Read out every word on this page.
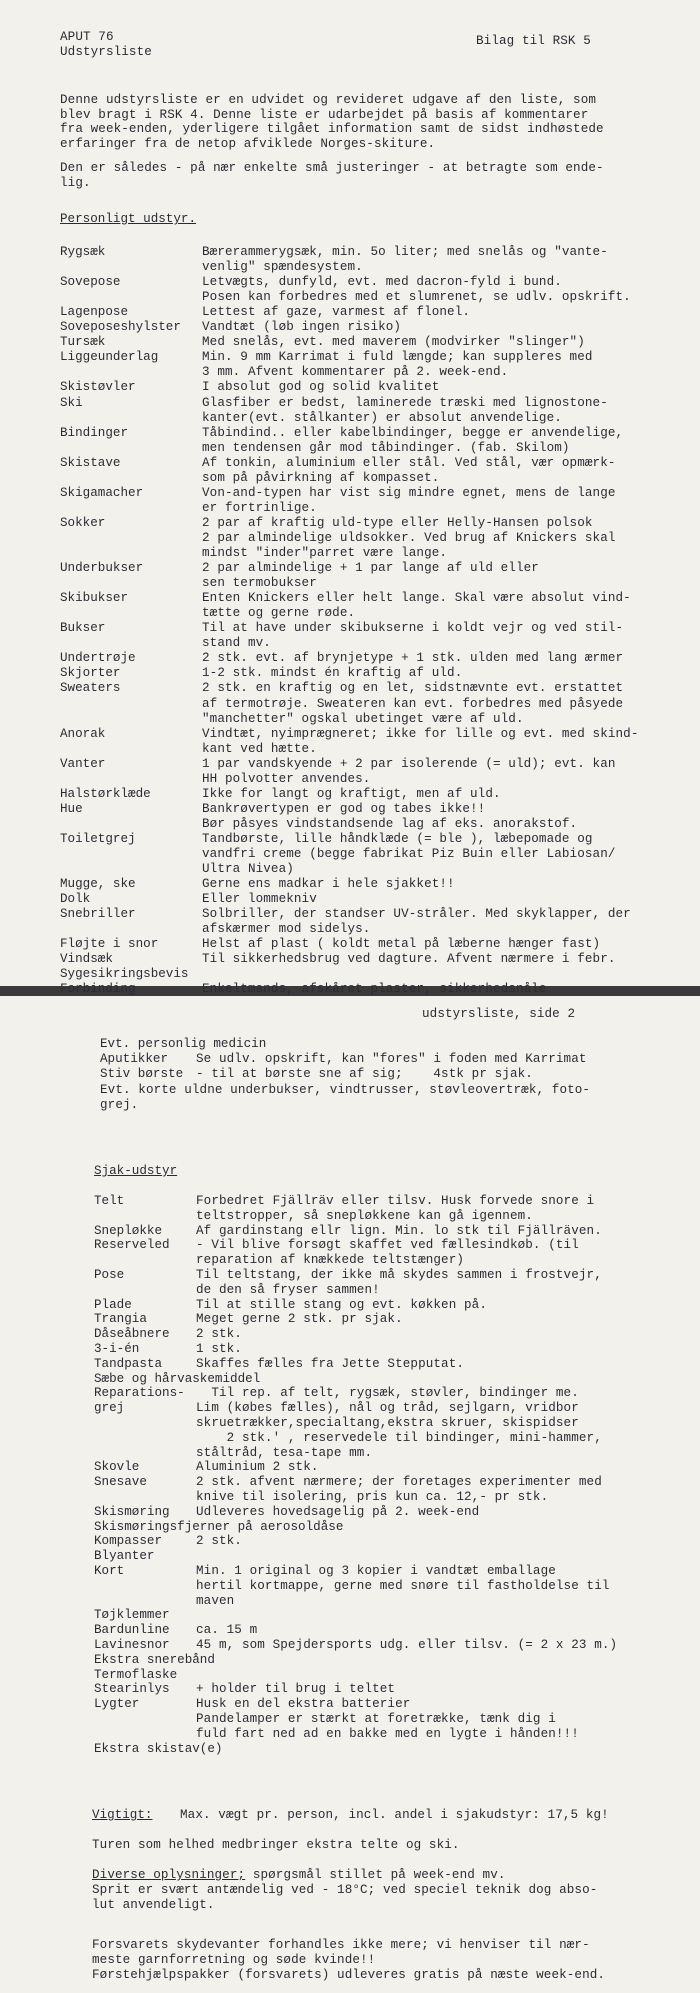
APUT 76
Udstyrsliste
Bilag til RSK 5
Denne udstyrsliste er en udvidet og revideret udgave af den liste, som
blev bragt i RSK 4. Denne liste er udarbejdet på basis af kommentarer
fra week-enden, yderligere tilgået information samt de sidst indhøstede
erfaringer fra de netop afviklede Norges-skiture.
Den er således - på nær enkelte små justeringer - at betragte som ende-
lig.
Personligt udstyr.
Rygsæk	Bærerammerygsæk, min. 5o liter; med snelås og "vante-
venlig" spændesystem.
Sovepose	Letvægts, dunfyld, evt. med dacron-fyld i bund.
Posen kan forbedres med et slumrenet, se udlv. opskrift.
Lagenpose	Lettest af gaze, varmest af flonel.
Soveposeshylster Vandtæt (løb ingen risiko)
Tursæk	Med snelås, evt. med maverem (modvirker "slinger")
Liggeunderlag	Min. 9 mm Karrimat i fuld længde; kan suppleres med
3 mm. Afvent kommentarer på 2. week-end.
Skistøvler	I absolut god og solid kvalitet
Ski	Glasfiber er bedst, laminerede træski med lignostone-
kanter(evt. stålkanter) er absolut anvendelige.
Bindinger	Tåbindind.. eller kabelbindinger, begge er anvendelige,
men tendensen går mod tåbindinger. (fab. Skilom)
Skistave	Af tonkin, aluminium eller stål. Ved stål, vær opmærk-
som på påvirkning af kompasset.
Skigamacher	Von-and-typen har vist sig mindre egnet, mens de lange
er fortrinlige.
Sokker	2 par af kraftig uld-type eller Helly-Hansen polsok
2 par almindelige uldsokker. Ved brug af Knickers skal
mindst "inder"parret være lange.
Underbukser	2 par almindelige + 1 par lange af uld eller
sen termobukser
Skibukser	Enten Knickers eller helt lange. Skal være absolut vind-
tætte og gerne røde.
Bukser	Til at have under skibukserne i koldt vejr og ved stil-
stand mv.
Undertrøje	2 stk. evt. af brynjetype + 1 stk. ulden med lang ærmer
Skjorter	1-2 stk. mindst én kraftig af uld.
Sweaters	2 stk. en kraftig og en let, sidstnævnte evt. erstattet
af termotrøje. Sweateren kan evt. forbedres med påsyede
"manchetter" ogskal ubetinget være af uld.
Anorak	Vindtæt, nyimprægneret; ikke for lille og evt. med skind-
kant ved hætte.
Vanter	1 par vandskyende + 2 par isolerende (= uld); evt. kan
HH polvotter anvendes.
Halstørklæde	Ikke for langt og kraftigt, men af uld.
Hue	Bankrøvertypen er god og tabes ikke!!
Bør påsyes vindstandsende lag af eks. anorakstof.
Toiletgrej	Tandbørste, lille håndklæde (= ble ), læbepomade og
vandfri creme (begge fabrikat Piz Buin eller Labiosan/
Ultra Nivea)
Mugge, ske	Gerne ens madkar i hele sjakket!!
Dolk	Eller lommekniv
Snebriller	Solbriller, der standser UV-stråler. Med skyklapper, der
afskærmer mod sidelys.
Fløjte i snor	Helst af plast ( koldt metal på læberne hænger fast)
Vindsæk	Til sikkerhedsbrug ved dagture. Afvent nærmere i febr.
Sygesikringsbevis
Forbinding	Enkeltmands, afskåret plaster, sikkerhedsnåle
udstyrsliste, side 2
Evt. personlig medicin
Aputikker Se udlv. opskrift, kan "fores" i foden med Karrimat
Stiv børste - til at børste sne af sig;    4stk pr sjak.
Evt. korte uldne underbukser, vindtrusser, støvleovertræk, foto-
grej.
Sjak-udstyr
Telt	Forbedret Fjällräv eller tilsv. Husk forvede snore i
teltstropper, så snepløkkene kan gå igennem.
Snepløkke	Af gardinstang ellr lign. Min. lo stk til Fjällräven.
Reserveled - Vil blive forsøgt skaffet ved fællesindkøb. (til
reparation af knækkede teltstænger)
Pose	Til teltstang, der ikke må skydes sammen i frostvejr,
de den så fryser sammen!
Plade	Til at stille stang og evt. køkken på.
Trangia	Meget gerne 2 stk. pr sjak.
Dåseåbnere 2 stk.
3-i-én	1 stk.
Tandpasta	Skaffes fælles fra Jette Stepputat.
Sæbe og hårvaskemiddel
Reparations- Til rep. af telt, rygsæk, støvler, bindinger me.
grej	Lim (købes fælles), nål og tråd, sejlgarn, vridbor
skruetrækker,specialtang,ekstra skruer, skispidser
2 stk.' , reservedele til bindinger, mini-hammer,
ståltråd, tesa-tape mm.
Skovle	Aluminium 2 stk.
Snesave	2 stk. afvent nærmere; der foretages experimenter med
knive til isolering, pris kun ca. 12,- pr stk.
Skismøring Udleveres hovedsagelig på 2. week-end
Skismøringsfjerner på aerosoldåse
Kompasser	2 stk.
Blyanter
Kort	Min. 1 original og 3 kopier i vandtæt emballage
hertil kortmappe, gerne med snøre til fastholdelse til
maven
Tøjklemmer
Bardunline ca. 15 m
Lavinesnor 45 m, som Spejdersports udg. eller tilsv. (= 2 x 23 m.)
Ekstra snerebånd
Termoflaske
Stearinlys + holder til brug i teltet
Lygter	Husk en del ekstra batterier
Pandelamper er stærkt at foretrække, tænk dig i
fuld fart ned ad en bakke med en lygte i hånden!!!
Ekstra skistav(e)
Vigtigt: Max. vægt pr. person, incl. andel i sjakudstyr: 17,5 kg!
Turen som helhed medbringer ekstra telte og ski.
Diverse oplysninger; spørgsmål stillet på week-end mv.
Sprit er svært antændelig ved - 18°C; ved speciel teknik dog abso-
lut anvendeligt.
Forsvarets skydevanter forhandles ikke mere; vi henviser til nær-
meste garnforretning og søde kvinde!!
Førstehjælpspakker (forsvarets) udleveres gratis på næste week-end.
